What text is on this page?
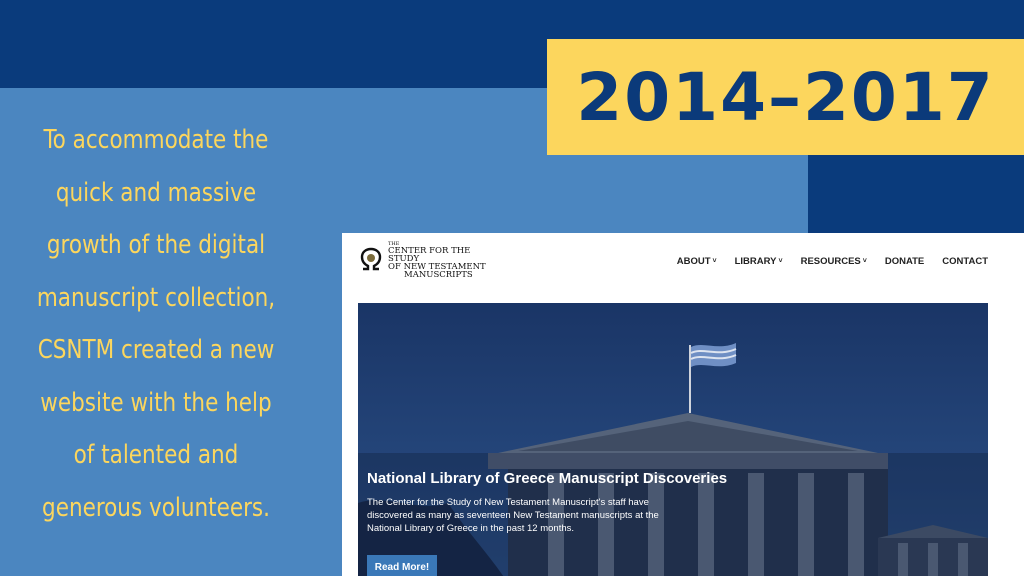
2014–2017
To accommodate the
quick and massive
growth of the digital
manuscript collection,
CSNTM created a new
website with the help
of talented and
generous volunteers.
THE
CENTER FOR THE STUDY
OF NEW TESTAMENT
MANUSCRIPTS
ABOUT ˅ LIBRARY ˅ RESOURCES ˅ DONATE CONTACT
National Library of Greece Manuscript Discoveries
The Center for the Study of New Testament Manuscript's staff have discovered as many as seventeen New Testament manuscripts at the National Library of Greece in the past 12 months.
Read More!
